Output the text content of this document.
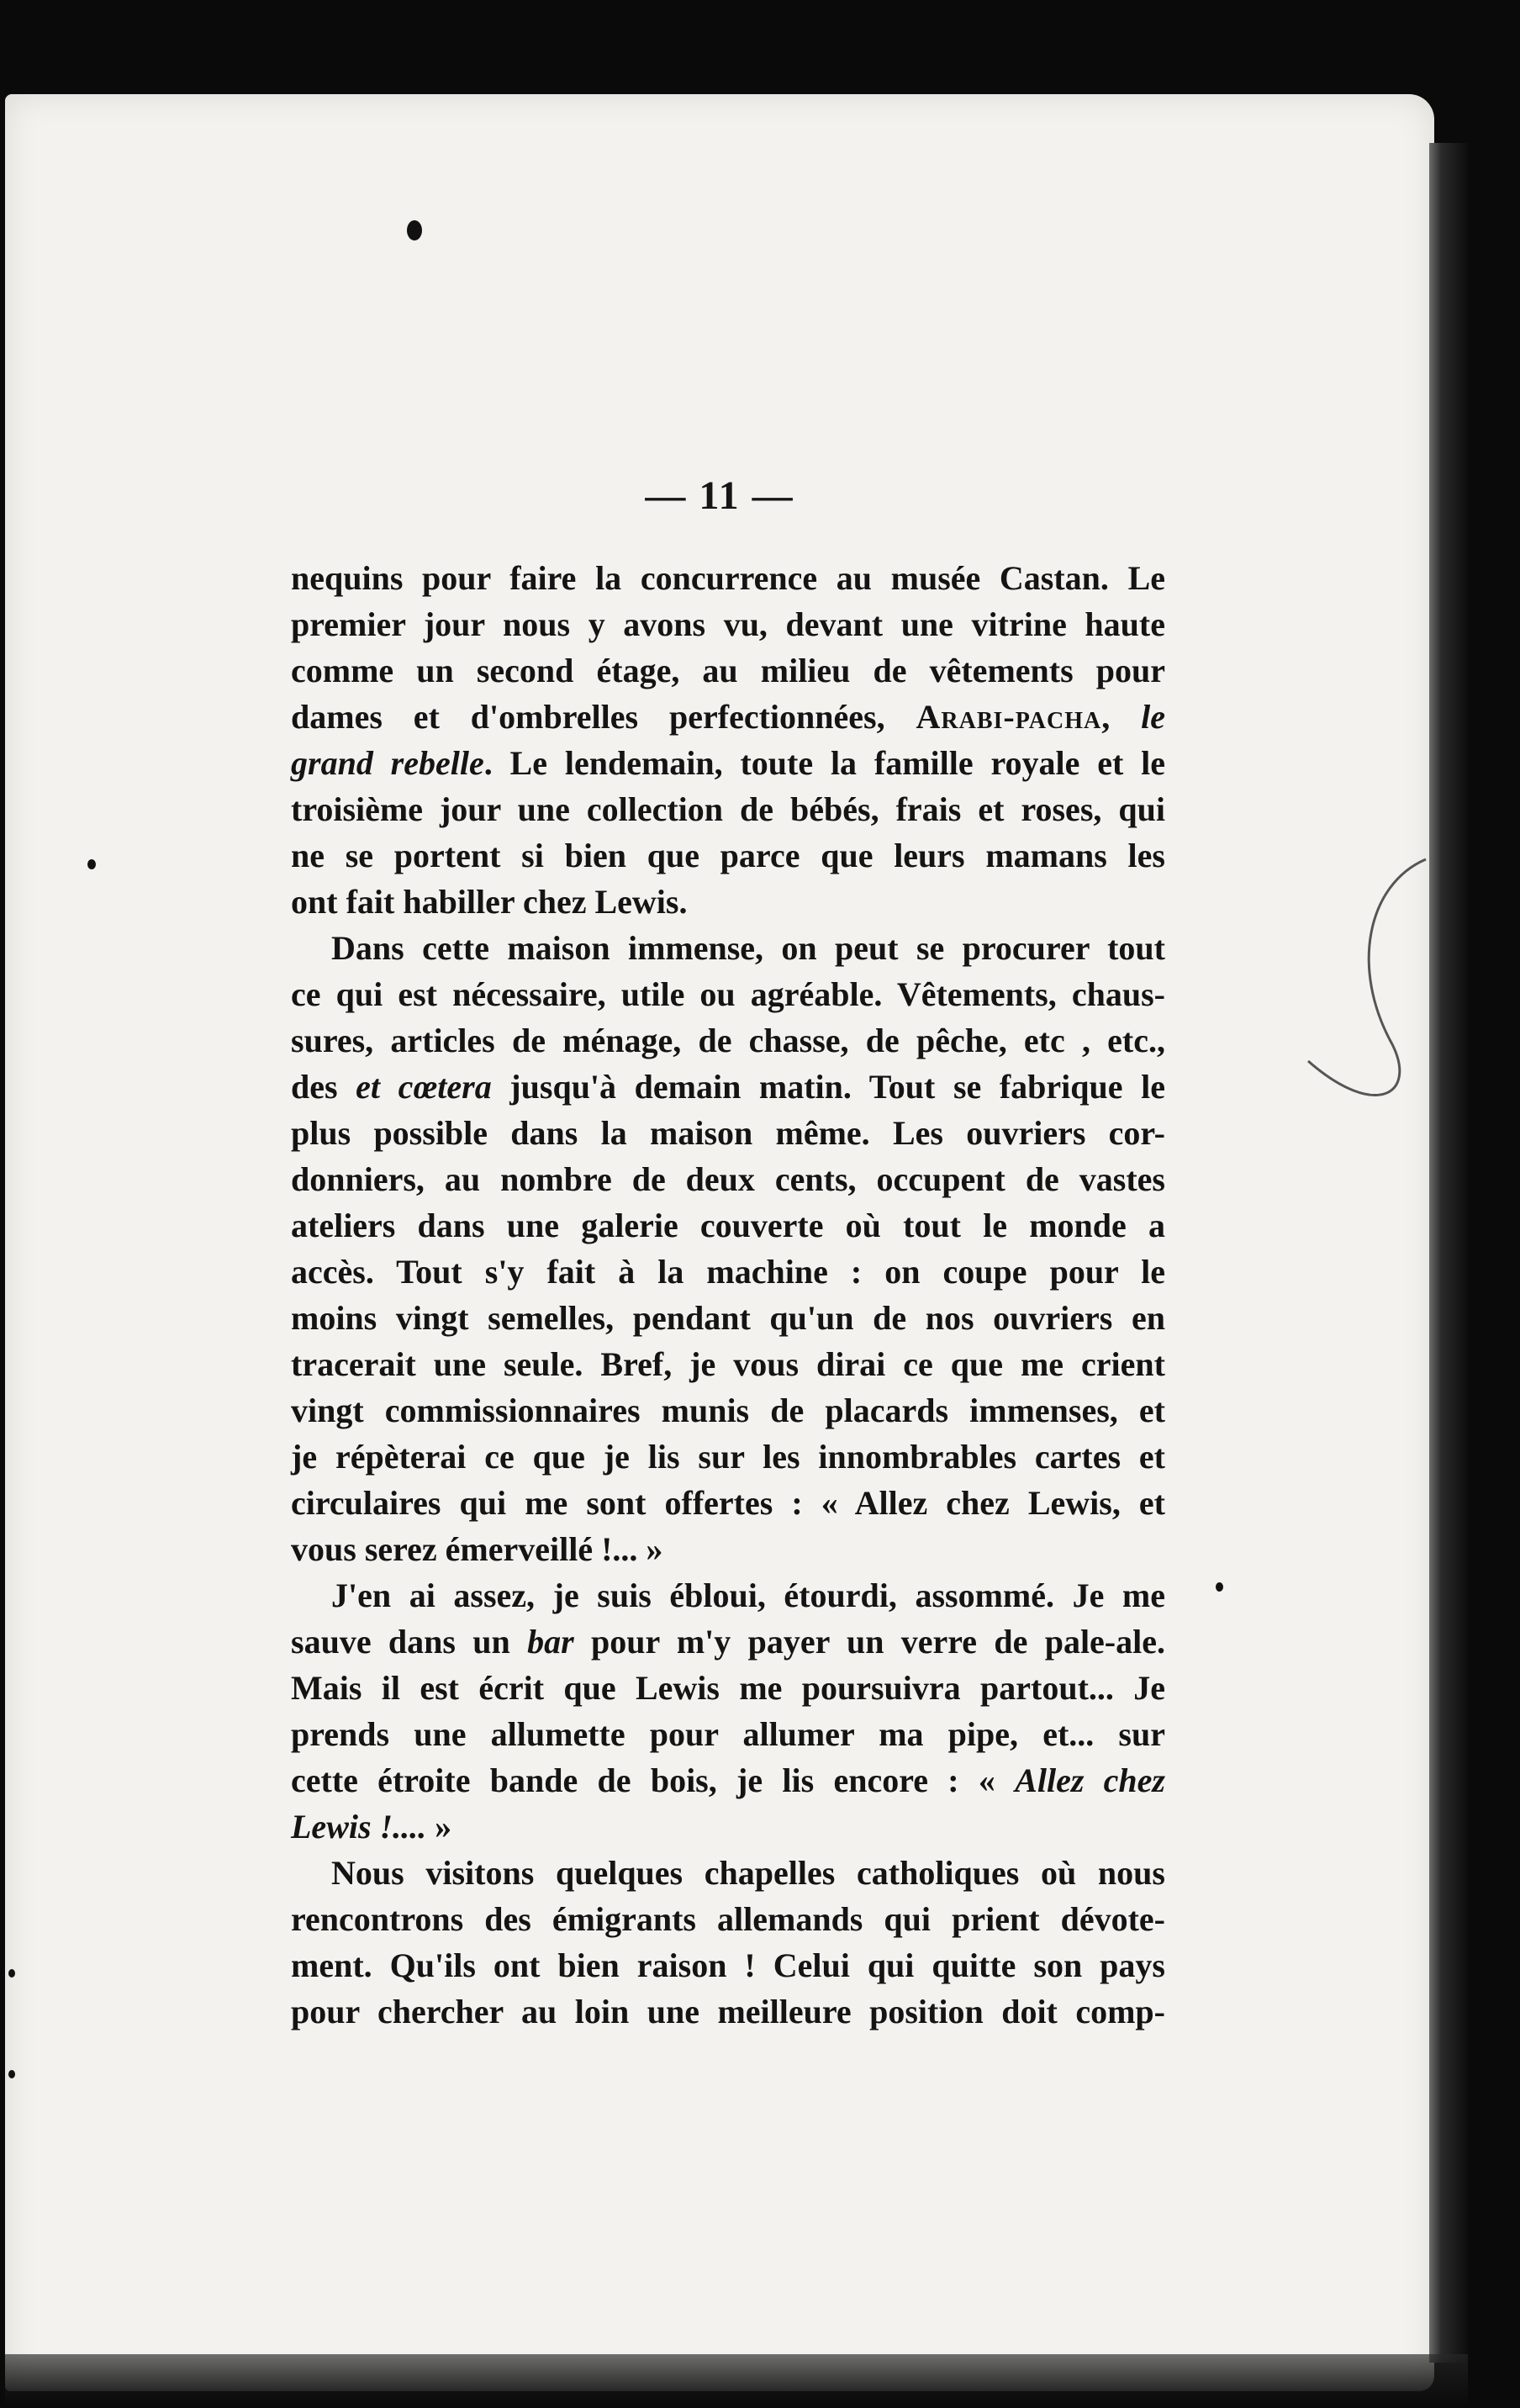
— 11 —
nequins pour faire la concurrence au musée Castan. Le
premier jour nous y avons vu, devant une vitrine haute
comme un second étage, au milieu de vêtements pour
dames et d'ombrelles perfectionnées, Arabi-pacha, le
grand rebelle. Le lendemain, toute la famille royale et le
troisième jour une collection de bébés, frais et roses, qui
ne se portent si bien que parce que leurs mamans les
ont fait habiller chez Lewis.
Dans cette maison immense, on peut se procurer tout
ce qui est nécessaire, utile ou agréable. Vêtements, chaus-
sures, articles de ménage, de chasse, de pêche, etc , etc.,
des et cœtera jusqu'à demain matin. Tout se fabrique le
plus possible dans la maison même. Les ouvriers cor-
donniers, au nombre de deux cents, occupent de vastes
ateliers dans une galerie couverte où tout le monde a
accès. Tout s'y fait à la machine : on coupe pour le
moins vingt semelles, pendant qu'un de nos ouvriers en
tracerait une seule. Bref, je vous dirai ce que me crient
vingt commissionnaires munis de placards immenses, et
je répèterai ce que je lis sur les innombrables cartes et
circulaires qui me sont offertes : « Allez chez Lewis, et
vous serez émerveillé !... »
J'en ai assez, je suis ébloui, étourdi, assommé. Je me
sauve dans un bar pour m'y payer un verre de pale-ale.
Mais il est écrit que Lewis me poursuivra partout... Je
prends une allumette pour allumer ma pipe, et... sur
cette étroite bande de bois, je lis encore : « Allez chez
Lewis !.... »
Nous visitons quelques chapelles catholiques où nous
rencontrons des émigrants allemands qui prient dévote-
ment. Qu'ils ont bien raison ! Celui qui quitte son pays
pour chercher au loin une meilleure position doit comp-
